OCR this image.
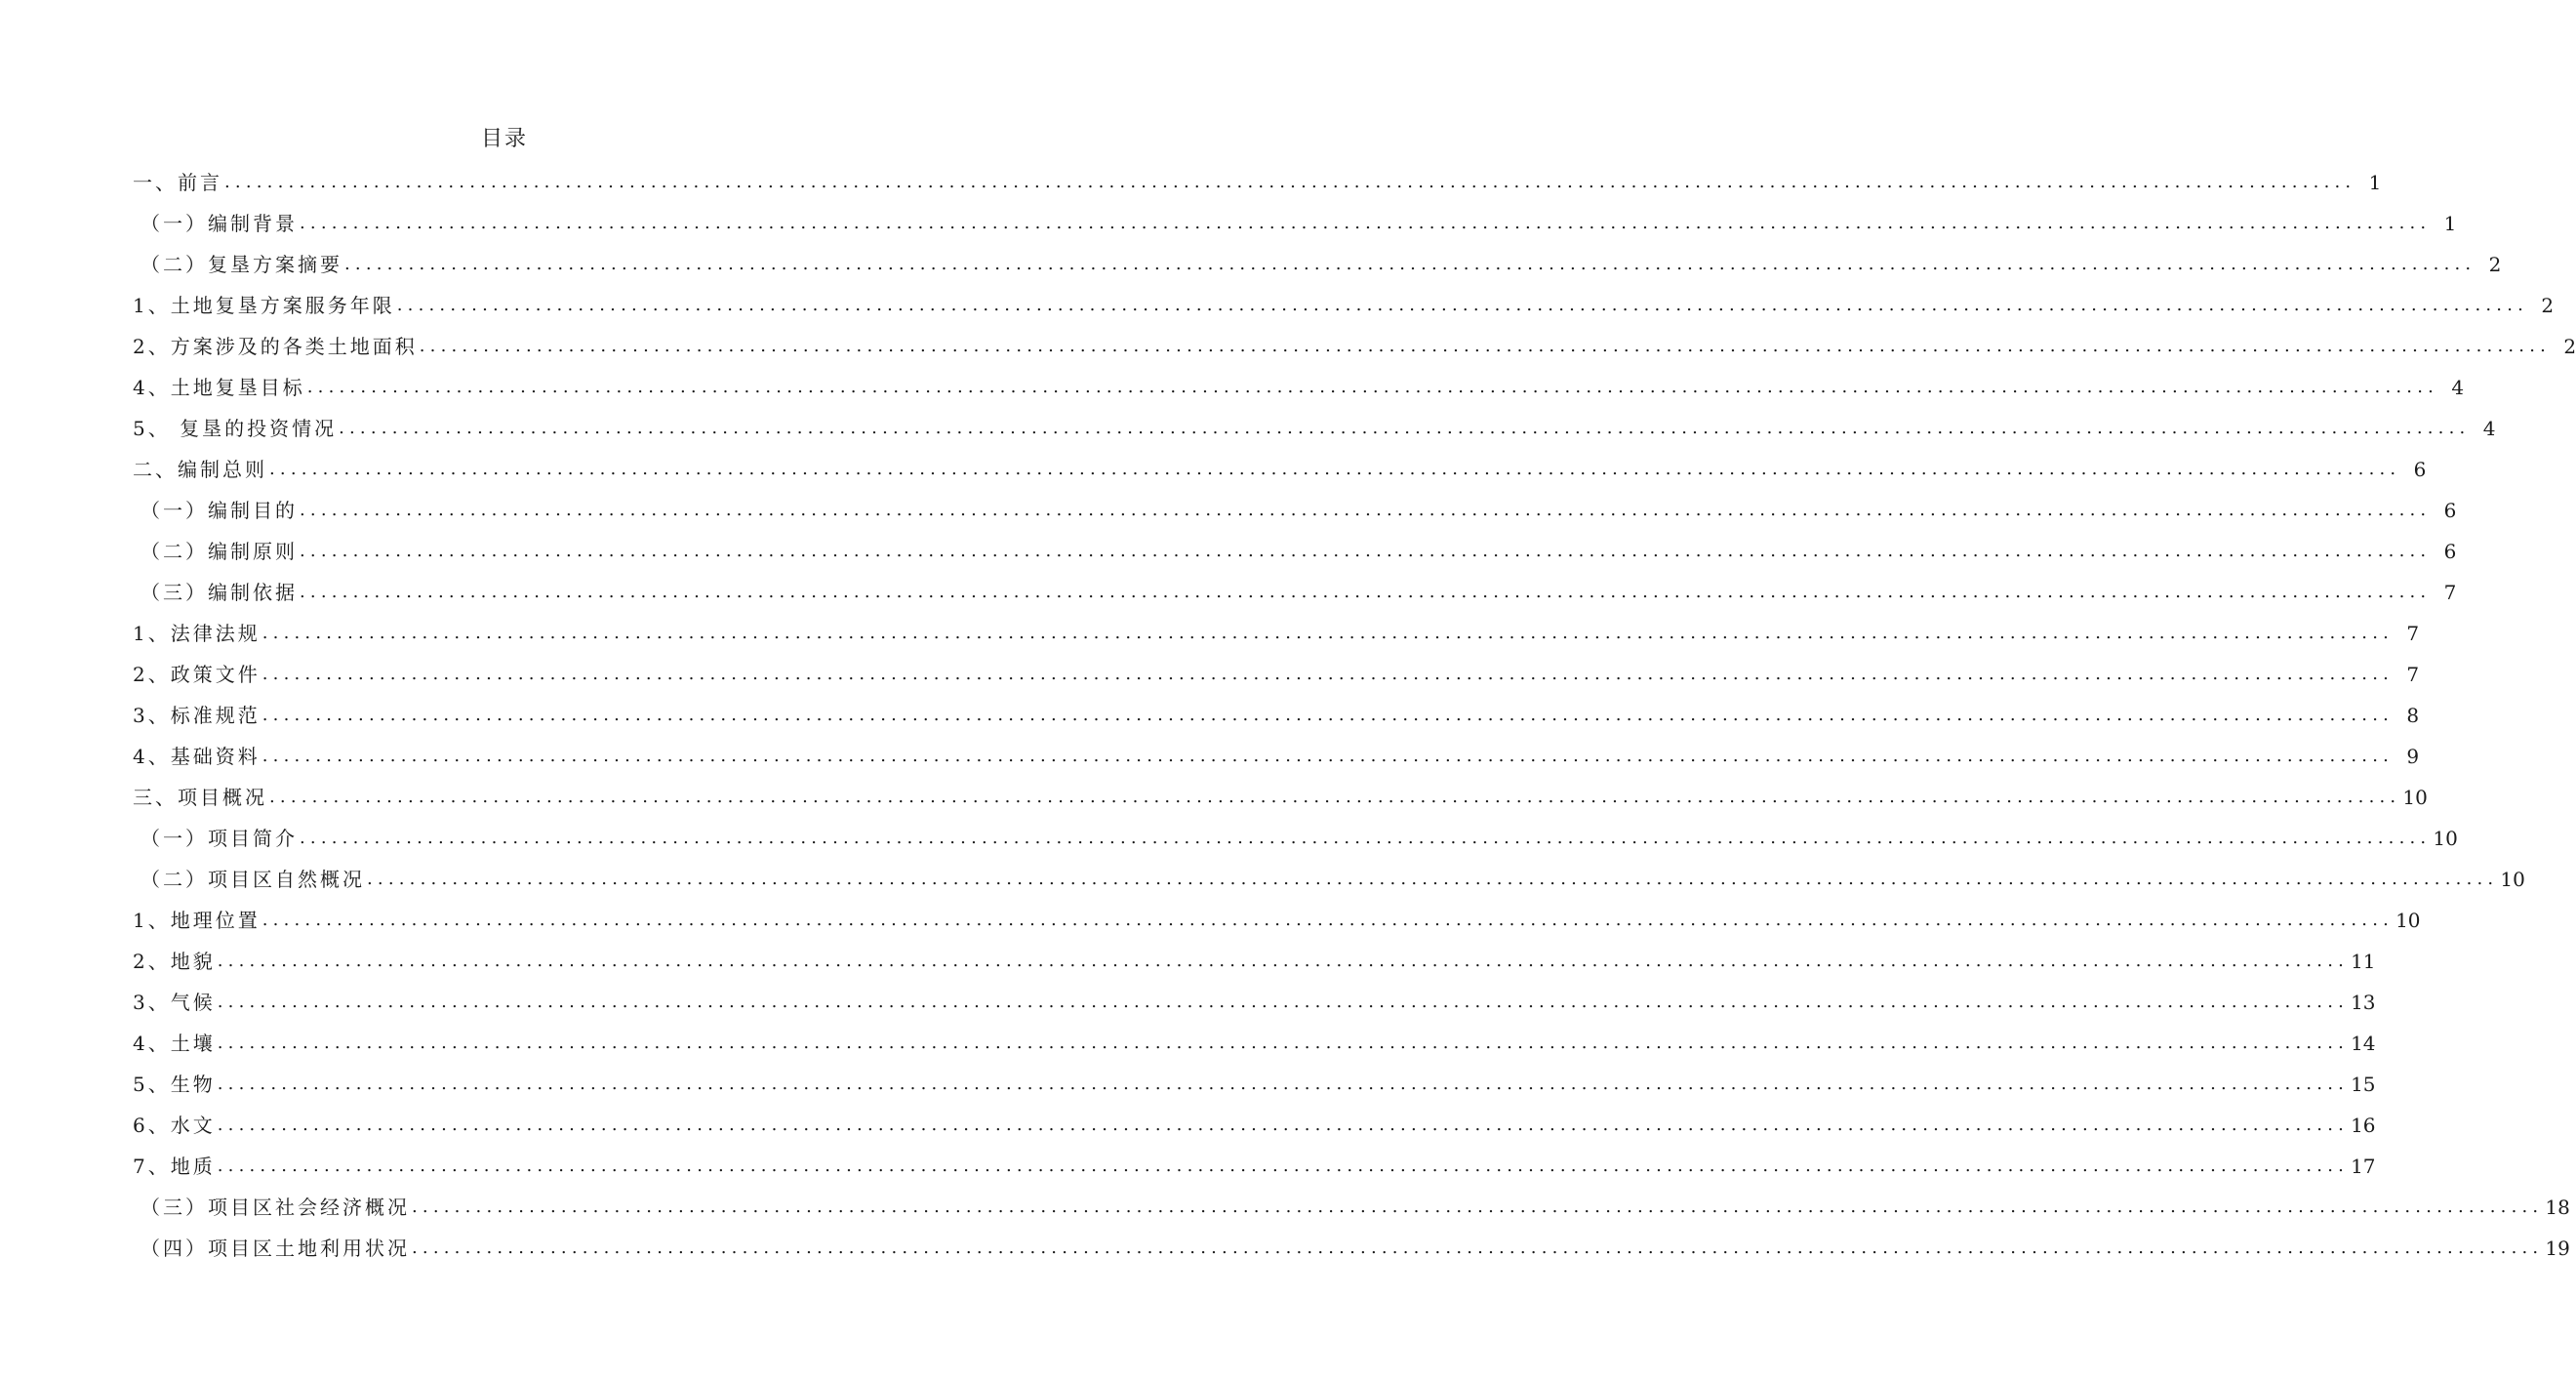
目录
一、前言 ........................................................................................................................................................................................................ 1
（一）编制背景 ........................................................................................................................................................................................................ 1
（二）复垦方案摘要 ........................................................................................................................................................................................................ 2
1、土地复垦方案服务年限 ........................................................................................................................................................................................................ 2
2、方案涉及的各类土地面积 ........................................................................................................................................................................................................ 2
4、土地复垦目标 ........................................................................................................................................................................................................ 4
5、 复垦的投资情况 ........................................................................................................................................................................................................ 4
二、编制总则 ........................................................................................................................................................................................................ 6
（一）编制目的 ........................................................................................................................................................................................................ 6
（二）编制原则 ........................................................................................................................................................................................................ 6
（三）编制依据 ........................................................................................................................................................................................................ 7
1、法律法规 ........................................................................................................................................................................................................ 7
2、政策文件 ........................................................................................................................................................................................................ 7
3、标准规范 ........................................................................................................................................................................................................ 8
4、基础资料 ........................................................................................................................................................................................................ 9
三、项目概况 ........................................................................................................................................................................................................ 10
（一）项目简介 ........................................................................................................................................................................................................ 10
（二）项目区自然概况 ........................................................................................................................................................................................................ 10
1、地理位置 ........................................................................................................................................................................................................ 10
2、地貌 ........................................................................................................................................................................................................ 11
3、气候 ........................................................................................................................................................................................................ 13
4、土壤 ........................................................................................................................................................................................................ 14
5、生物 ........................................................................................................................................................................................................ 15
6、水文 ........................................................................................................................................................................................................ 16
7、地质 ........................................................................................................................................................................................................ 17
（三）项目区社会经济概况 ........................................................................................................................................................................................................ 18
（四）项目区土地利用状况 ........................................................................................................................................................................................................ 19
